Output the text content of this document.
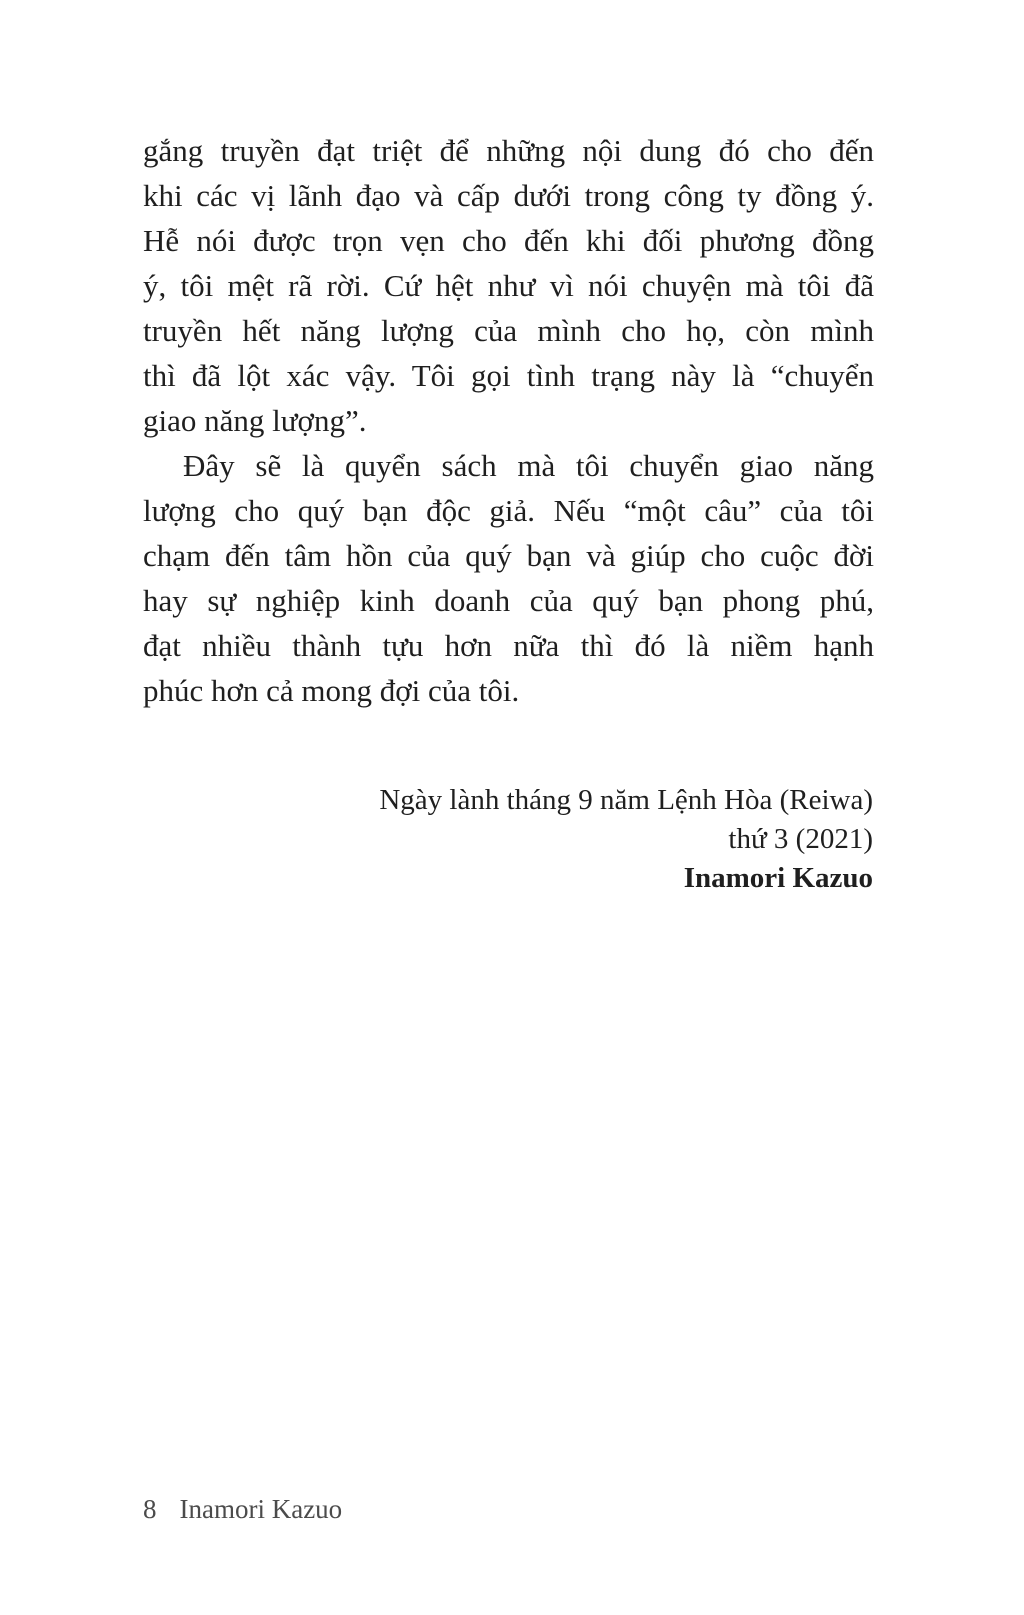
gắng truyền đạt triệt để những nội dung đó cho đến
khi các vị lãnh đạo và cấp dưới trong công ty đồng ý.
Hễ nói được trọn vẹn cho đến khi đối phương đồng
ý, tôi mệt rã rời. Cứ hệt như vì nói chuyện mà tôi đã
truyền hết năng lượng của mình cho họ, còn mình
thì đã lột xác vậy. Tôi gọi tình trạng này là “chuyển
giao năng lượng”.
Đây sẽ là quyển sách mà tôi chuyển giao năng
lượng cho quý bạn độc giả. Nếu “một câu” của tôi
chạm đến tâm hồn của quý bạn và giúp cho cuộc đời
hay sự nghiệp kinh doanh của quý bạn phong phú,
đạt nhiều thành tựu hơn nữa thì đó là niềm hạnh
phúc hơn cả mong đợi của tôi.
Ngày lành tháng 9 năm Lệnh Hòa (Reiwa)
thứ 3 (2021)
Inamori Kazuo
8 Inamori Kazuo
